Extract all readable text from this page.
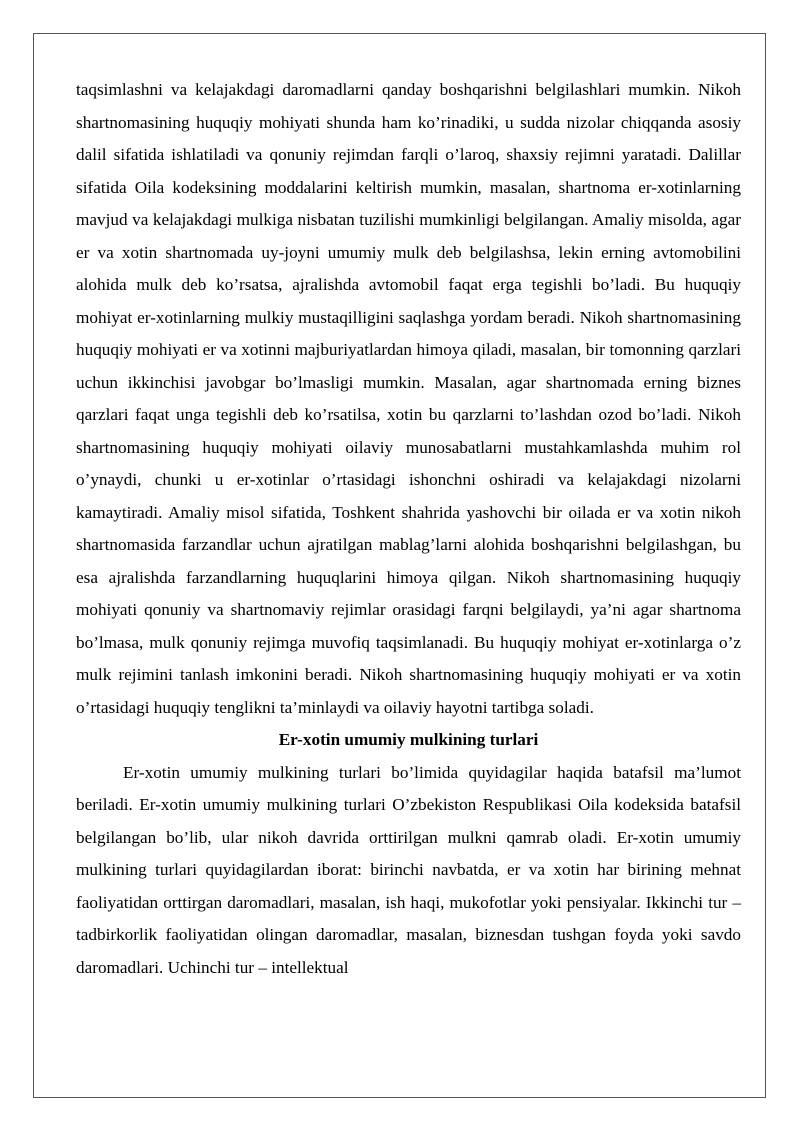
taqsimlashni va kelajakdagi daromadlarni qanday boshqarishni belgilashlari mumkin. Nikoh shartnomasining huquqiy mohiyati shunda ham ko’rinadiki, u sudda nizolar chiqqanda asosiy dalil sifatida ishlatiladi va qonuniy rejimdan farqli o’laroq, shaxsiy rejimni yaratadi. Dalillar sifatida Oila kodeksining moddalarini keltirish mumkin, masalan, shartnoma er-xotinlarning mavjud va kelajakdagi mulkiga nisbatan tuzilishi mumkinligi belgilangan. Amaliy misolda, agar er va xotin shartnomada uy-joyni umumiy mulk deb belgilashsa, lekin erning avtomobilini alohida mulk deb ko’rsatsa, ajralishda avtomobil faqat erga tegishli bo’ladi. Bu huquqiy mohiyat er-xotinlarning mulkiy mustaqilligini saqlashga yordam beradi. Nikoh shartnomasining huquqiy mohiyati er va xotinni majburiyatlardan himoya qiladi, masalan, bir tomonning qarzlari uchun ikkinchisi javobgar bo’lmasligi mumkin. Masalan, agar shartnomada erning biznes qarzlari faqat unga tegishli deb ko’rsatilsa, xotin bu qarzlarni to’lashdan ozod bo’ladi. Nikoh shartnomasining huquqiy mohiyati oilaviy munosabatlarni mustahkamlashda muhim rol o’ynaydi, chunki u er-xotinlar o’rtasidagi ishonchni oshiradi va kelajakdagi nizolarni kamaytiradi. Amaliy misol sifatida, Toshkent shahrida yashovchi bir oilada er va xotin nikoh shartnomasida farzandlar uchun ajratilgan mablag’larni alohida boshqarishni belgilashgan, bu esa ajralishda farzandlarning huquqlarini himoya qilgan. Nikoh shartnomasining huquqiy mohiyati qonuniy va shartnomaviy rejimlar orasidagi farqni belgilaydi, ya’ni agar shartnoma bo’lmasa, mulk qonuniy rejimga muvofiq taqsimlanadi. Bu huquqiy mohiyat er-xotinlarga o’z mulk rejimini tanlash imkonini beradi. Nikoh shartnomasining huquqiy mohiyati er va xotin o’rtasidagi huquqiy tenglikni ta’minlaydi va oilaviy hayotni tartibga soladi.

Er-xotin umumiy mulkining turlari

Er-xotin umumiy mulkining turlari bo’limida quyidagilar haqida batafsil ma’lumot beriladi. Er-xotin umumiy mulkining turlari O’zbekiston Respublikasi Oila kodeksida batafsil belgilangan bo’lib, ular nikoh davrida orttirilgan mulkni qamrab oladi. Er-xotin umumiy mulkining turlari quyidagilardan iborat: birinchi navbatda, er va xotin har birining mehnat faoliyatidan orttirgan daromadlari, masalan, ish haqi, mukofotlar yoki pensiyalar. Ikkinchi tur – tadbirkorlik faoliyatidan olingan daromadlar, masalan, biznesdan tushgan foyda yoki savdo daromadlari. Uchinchi tur – intellektual
